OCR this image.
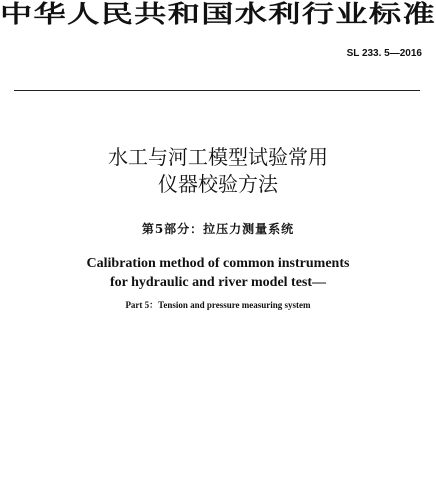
中华人民共和国水利行业标准
SL 233. 5—2016
水工与河工模型试验常用
仪器校验方法
第5部分：拉压力测量系统
Calibration method of common instruments
for hydraulic and river model test—
Part 5：Tension and pressure measuring system
